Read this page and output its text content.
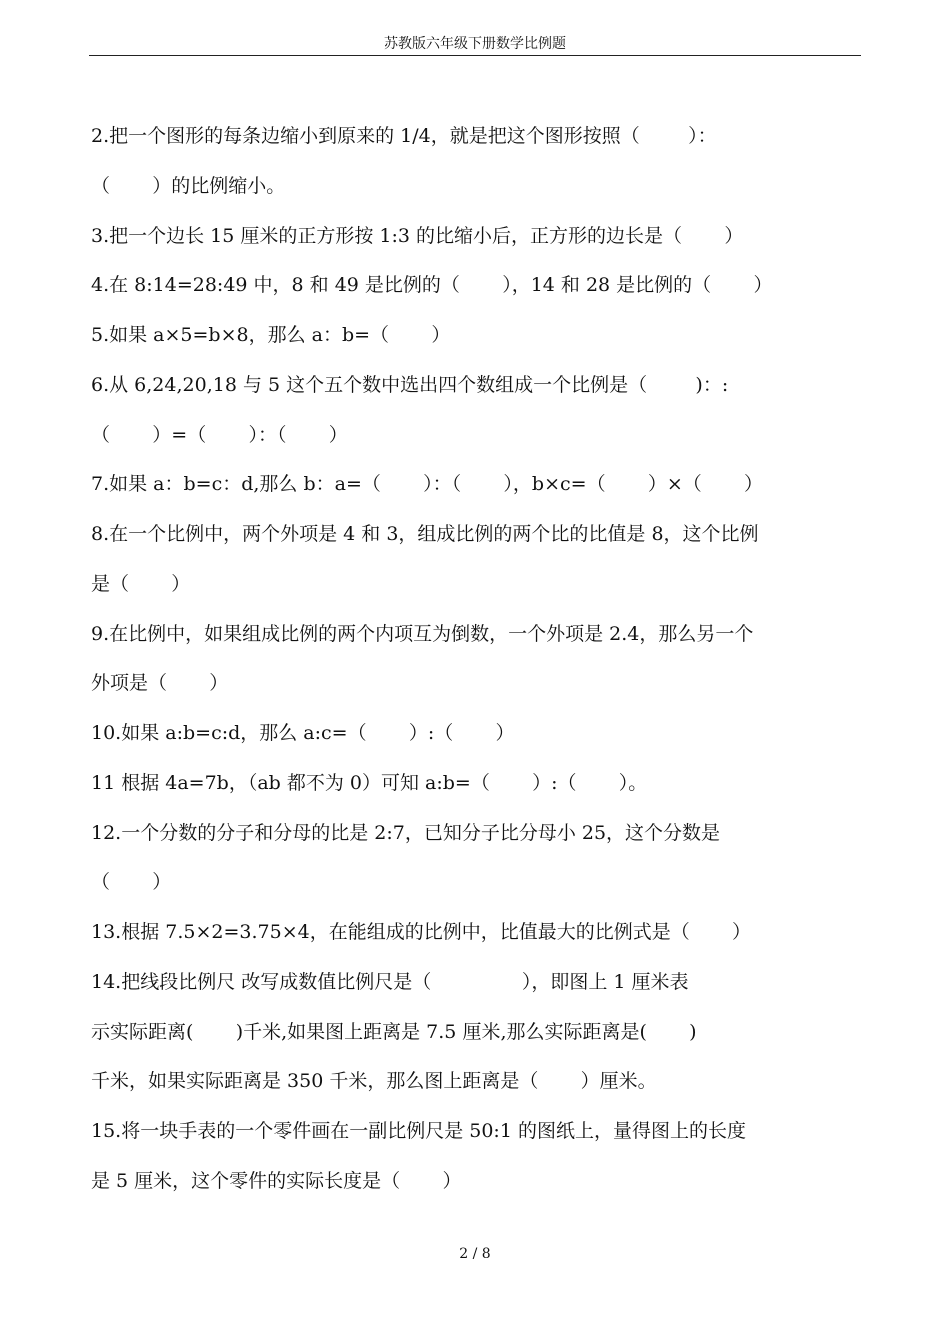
苏教版六年级下册数学比例题
2.把一个图形的每条边缩小到原来的 1/4，就是把这个图形按照（        ）：
（       ）的比例缩小。
3.把一个边长 15 厘米的正方形按 1:3 的比缩小后，正方形的边长是（       ）
4.在 8:14=28:49 中，8 和 49 是比例的（       ），14 和 28 是比例的（       ）
5.如果 a×5=b×8，那么 a：b=（       ）
6.从 6,24,20,18 与 5 这个五个数中选出四个数组成一个比例是（        )：:
（       ）=（       ）：（       ）
7.如果 a：b=c：d,那么 b：a=（       ）：（       ），b×c=（       ）×（       ）
8.在一个比例中，两个外项是 4 和 3，组成比例的两个比的比值是 8，这个比例
是（       ）
9.在比例中，如果组成比例的两个内项互为倒数，一个外项是 2.4，那么另一个
外项是（       ）
10.如果 a:b=c:d，那么 a:c=（       ）:（       ）
11 根据 4a=7b，（ab 都不为 0）可知 a:b=（       ）:（       ）。
12.一个分数的分子和分母的比是 2:7，已知分子比分母小 25，这个分数是
（       ）
13.根据 7.5×2=3.75×4，在能组成的比例中，比值最大的比例式是（       ）
14.把线段比例尺 改写成数值比例尺是（               ），即图上 1 厘米表
示实际距离(       )千米,如果图上距离是 7.5 厘米,那么实际距离是(       )
千米，如果实际距离是 350 千米，那么图上距离是（       ）厘米。
15.将一块手表的一个零件画在一副比例尺是 50:1 的图纸上，量得图上的长度
是 5 厘米，这个零件的实际长度是（       ）
2 / 8
